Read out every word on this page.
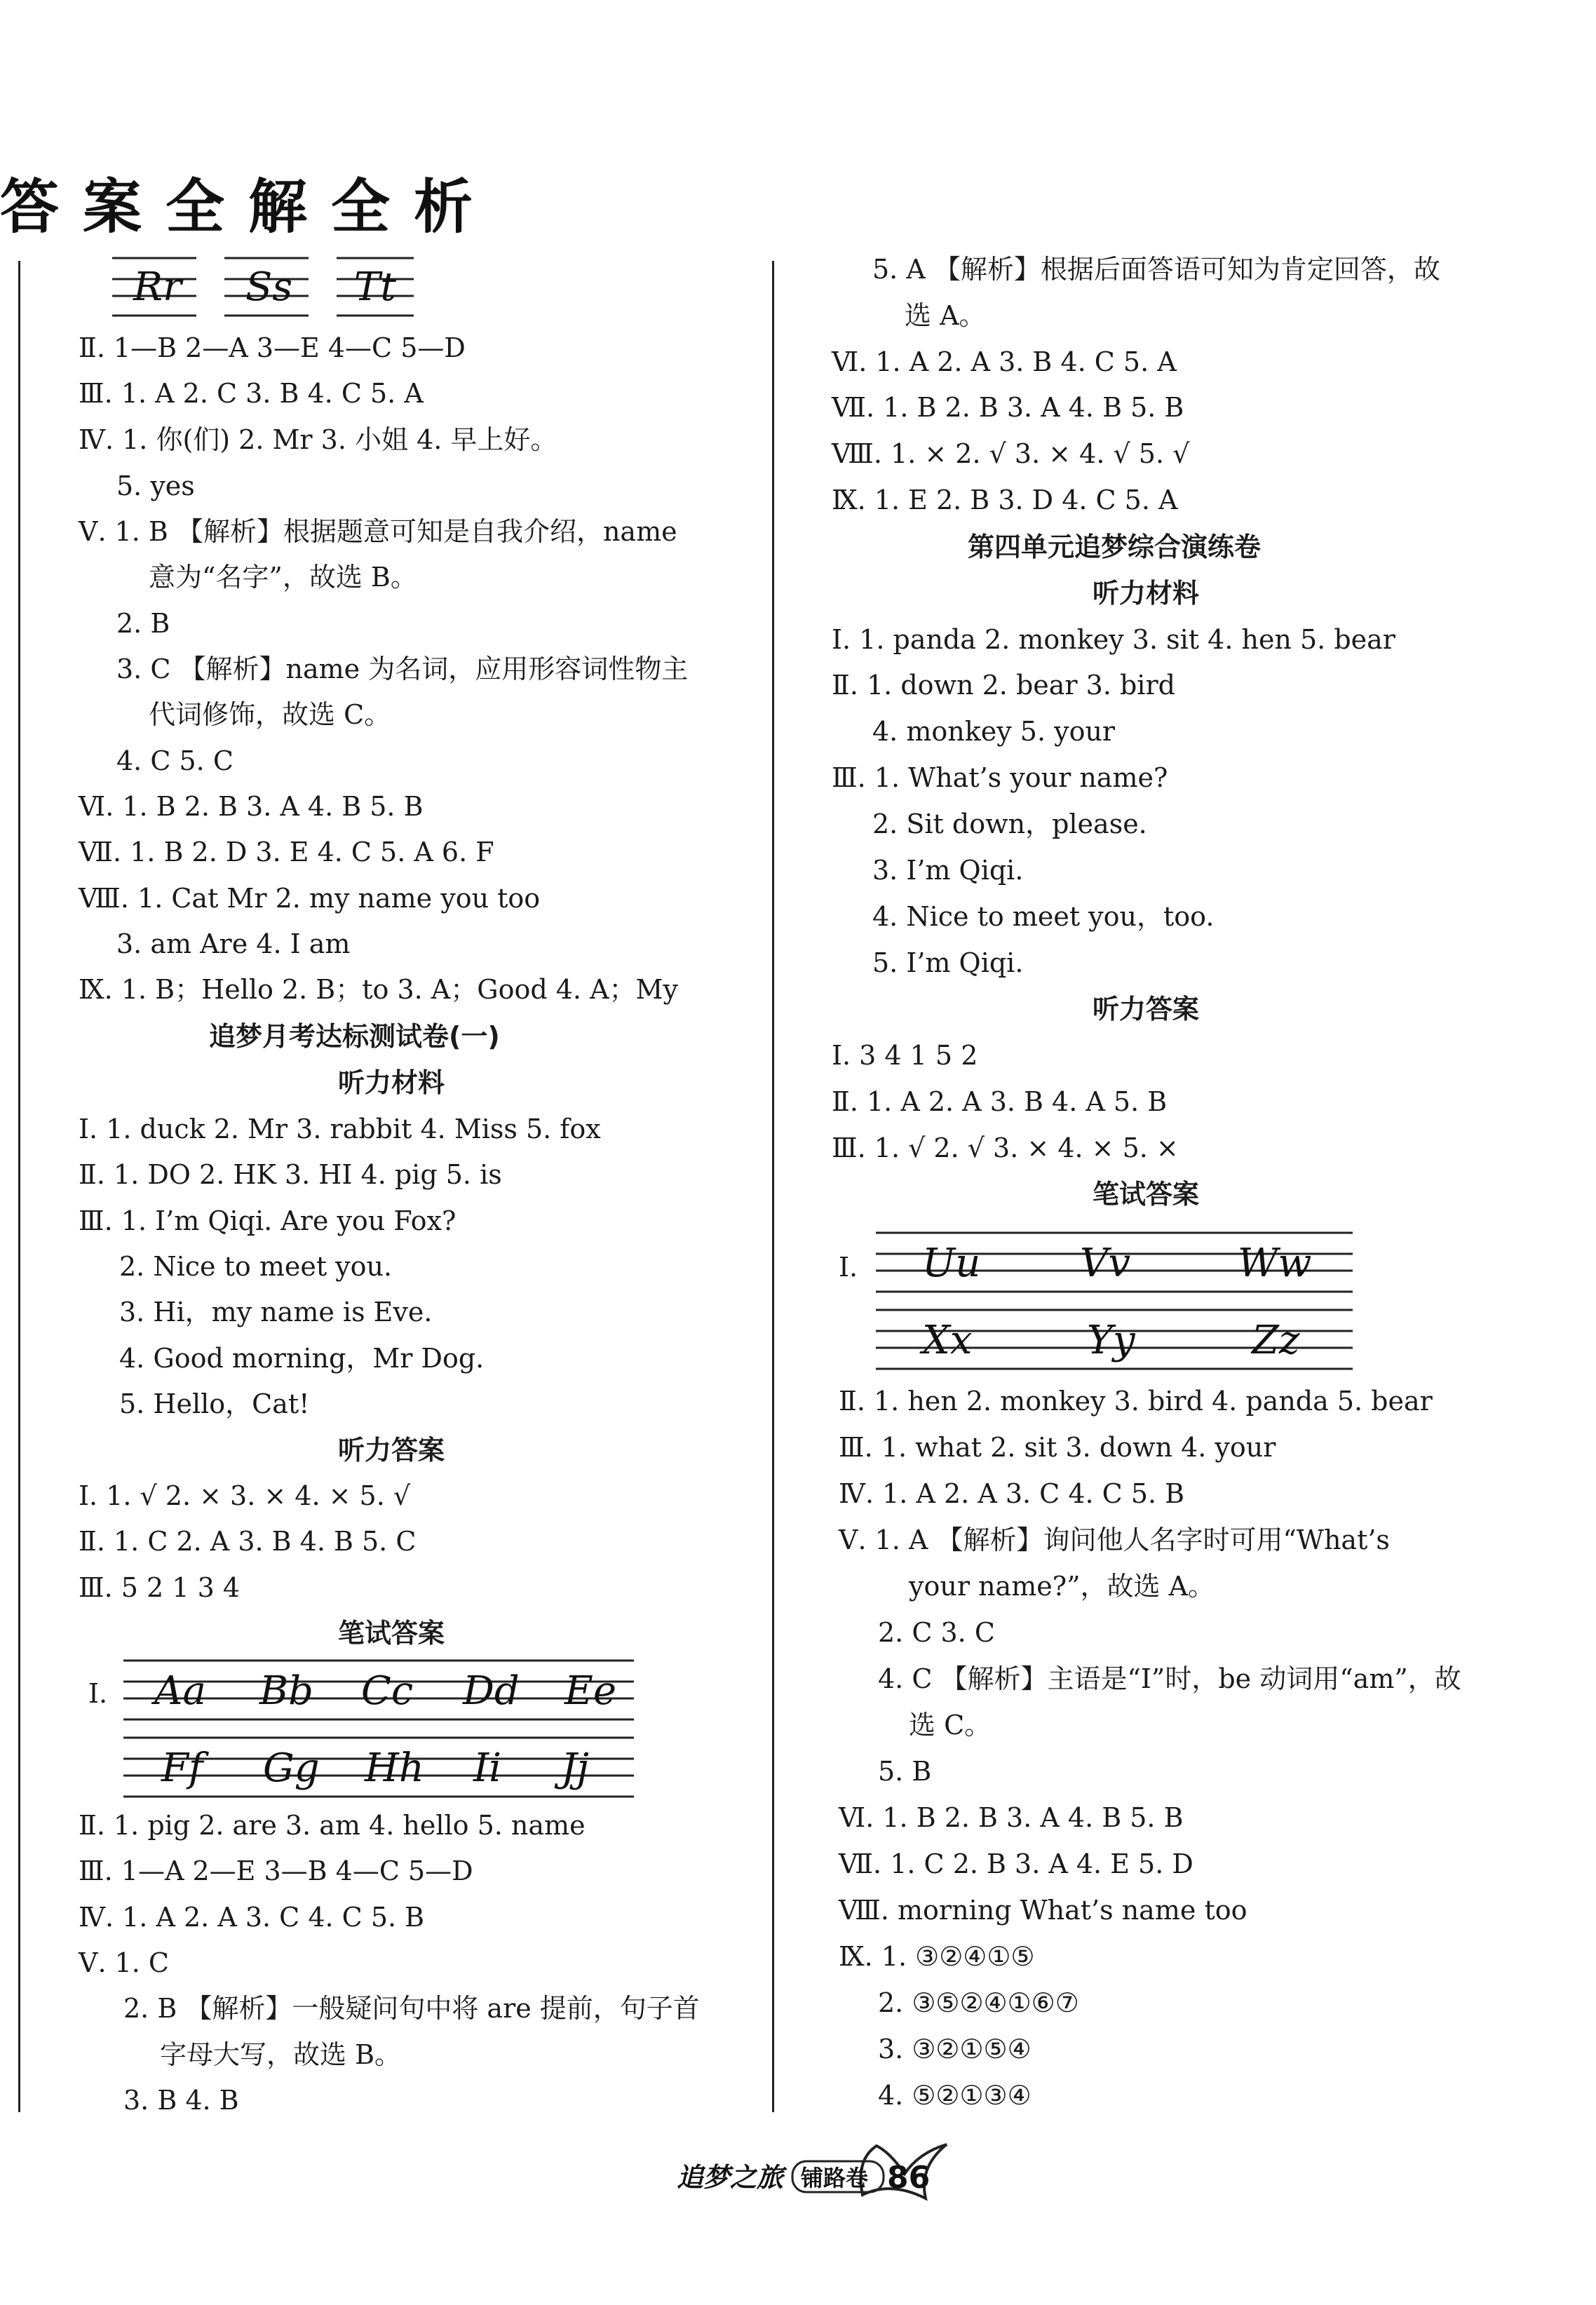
答案全解全析
Rr Ss Tt
Ⅱ. 1—B 2—A 3—E 4—C 5—D
Ⅲ. 1. A 2. C 3. B 4. C 5. A
Ⅳ. 1. 你(们) 2. Mr 3. 小姐 4. 早上好。
5. yes
Ⅴ. 1. B 【解析】根据题意可知是自我介绍，name
意为“名字”，故选 B。
2. B
3. C 【解析】name 为名词，应用形容词性物主
代词修饰，故选 C。
4. C 5. C
Ⅵ. 1. B 2. B 3. A 4. B 5. B
Ⅶ. 1. B 2. D 3. E 4. C 5. A 6. F
Ⅷ. 1. Cat Mr 2. my name you too
3. am Are 4. I am
Ⅸ. 1. B；Hello 2. B；to 3. A；Good 4. A；My
追梦月考达标测试卷(一)
听力材料
Ⅰ. 1. duck 2. Mr 3. rabbit 4. Miss 5. fox
Ⅱ. 1. DO 2. HK 3. HI 4. pig 5. is
Ⅲ. 1. I’m Qiqi. Are you Fox?
2. Nice to meet you.
3. Hi，my name is Eve.
4. Good morning，Mr Dog.
5. Hello，Cat!
听力答案
Ⅰ. 1. √ 2. × 3. × 4. × 5. √
Ⅱ. 1. C 2. A 3. B 4. B 5. C
Ⅲ. 5 2 1 3 4
笔试答案
Ⅰ. Aa Bb Cc Dd Ee
Ff Gg Hh Ii Jj
Ⅱ. 1. pig 2. are 3. am 4. hello 5. name
Ⅲ. 1—A 2—E 3—B 4—C 5—D
Ⅳ. 1. A 2. A 3. C 4. C 5. B
Ⅴ. 1. C
2. B 【解析】一般疑问句中将 are 提前，句子首
字母大写，故选 B。
3. B 4. B
5. A 【解析】根据后面答语可知为肯定回答，故
选 A。
Ⅵ. 1. A 2. A 3. B 4. C 5. A
Ⅶ. 1. B 2. B 3. A 4. B 5. B
Ⅷ. 1. × 2. √ 3. × 4. √ 5. √
Ⅸ. 1. E 2. B 3. D 4. C 5. A
第四单元追梦综合演练卷
听力材料
Ⅰ. 1. panda 2. monkey 3. sit 4. hen 5. bear
Ⅱ. 1. down 2. bear 3. bird
4. monkey 5. your
Ⅲ. 1. What’s your name?
2. Sit down，please.
3. I’m Qiqi.
4. Nice to meet you，too.
5. I’m Qiqi.
听力答案
Ⅰ. 3 4 1 5 2
Ⅱ. 1. A 2. A 3. B 4. A 5. B
Ⅲ. 1. √ 2. √ 3. × 4. × 5. ×
笔试答案
Ⅰ. Uu	Vv	Ww
Xx	Yy	Zz
Ⅱ. 1. hen 2. monkey 3. bird 4. panda 5. bear
Ⅲ. 1. what 2. sit 3. down 4. your
Ⅳ. 1. A 2. A 3. C 4. C 5. B
Ⅴ. 1. A 【解析】询问他人名字时可用“What’s
your name?”，故选 A。
2. C 3. C
4. C 【解析】主语是“I”时，be 动词用“am”，故
选 C。
5. B
Ⅵ. 1. B 2. B 3. A 4. B 5. B
Ⅶ. 1. C 2. B 3. A 4. E 5. D
Ⅷ. morning What’s name too
Ⅸ. 1. ③②④①⑤
2. ③⑤②④①⑥⑦
3. ③②①⑤④
4. ⑤②①③④
追梦之旅 铺路卷 86
